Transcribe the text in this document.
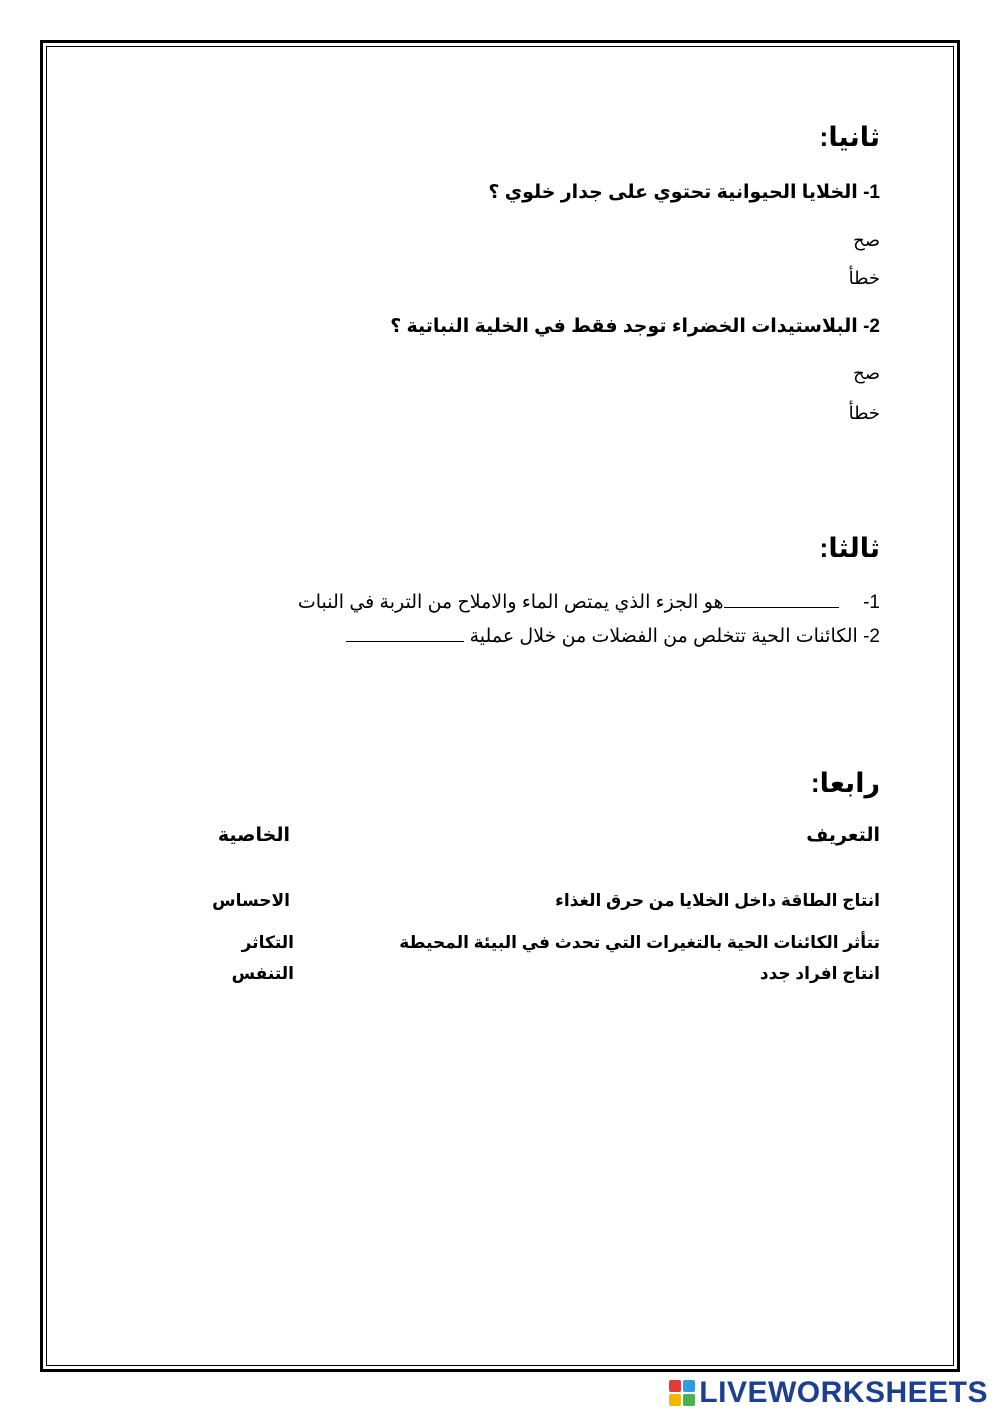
ثانيا:
1- الخلايا الحيوانية تحتوي على جدار خلوي ؟
صح
خطأ
2- البلاستيدات الخضراء توجد فقط في الخلية النباتية ؟
صح
خطأ
ثالثا:
1-  هو الجزء الذي يمتص الماء والاملاح من التربة في النبات
2- الكائنات الحية تتخلص من الفضلات من خلال عملية
رابعا:
التعريف
الخاصية
انتاج الطاقة داخل الخلايا من حرق الغذاء
تتأثر الكائنات الحية بالتغيرات التي تحدث في البيئة المحيطة
انتاج افراد جدد
الاحساس
التكاثر
التنفس
LIVEWORKSHEETS
